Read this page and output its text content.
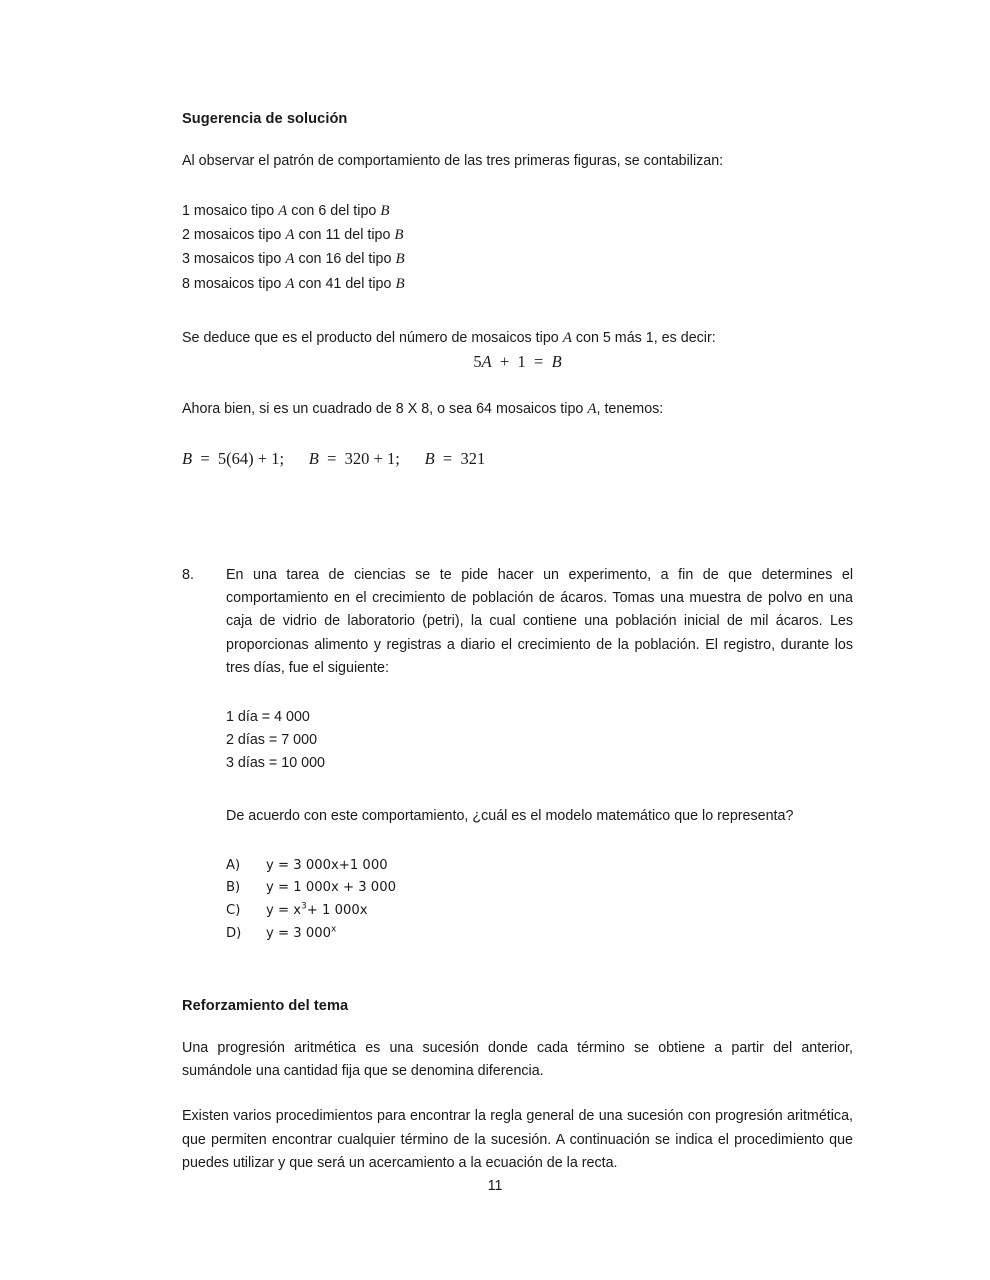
Sugerencia de solución

Al observar el patrón de comportamiento de las tres primeras figuras, se contabilizan:

1 mosaico tipo A con 6 del tipo B
2 mosaicos tipo A con 11 del tipo B
3 mosaicos tipo A con 16 del tipo B
8 mosaicos tipo A con 41 del tipo B

Se deduce que es el producto del número de mosaicos tipo A con 5 más 1, es decir:

5A  +  1  =  B

Ahora bien, si es un cuadrado de 8 X 8, o sea 64 mosaicos tipo A, tenemos:

B  =  5(64) + 1;      B  =  320 + 1;      B  =  321
8. En una tarea de ciencias se te pide hacer un experimento, a fin de que determines el comportamiento en el crecimiento de población de ácaros. Tomas una muestra de polvo en una caja de vidrio de laboratorio (petri), la cual contiene una población inicial de mil ácaros. Les proporcionas alimento y registras a diario el crecimiento de la población. El registro, durante los tres días, fue el siguiente:

1 día = 4 000
2 días = 7 000
3 días = 10 000

De acuerdo con este comportamiento, ¿cuál es el modelo matemático que lo representa?

A)	y = 3 000x+1 000
B)	y = 1 000x + 3 000
C)	$y = x^3+ 1$ 000x
D)	y = 3 000$^x$
Reforzamiento del tema

Una progresión aritmética es una sucesión donde cada término se obtiene a partir del anterior, sumándole una cantidad fija que se denomina diferencia.

Existen varios procedimientos para encontrar la regla general de una sucesión con progresión aritmética, que permiten encontrar cualquier término de la sucesión. A continuación se indica el procedimiento que puedes utilizar y que será un acercamiento a la ecuación de la recta.

11
